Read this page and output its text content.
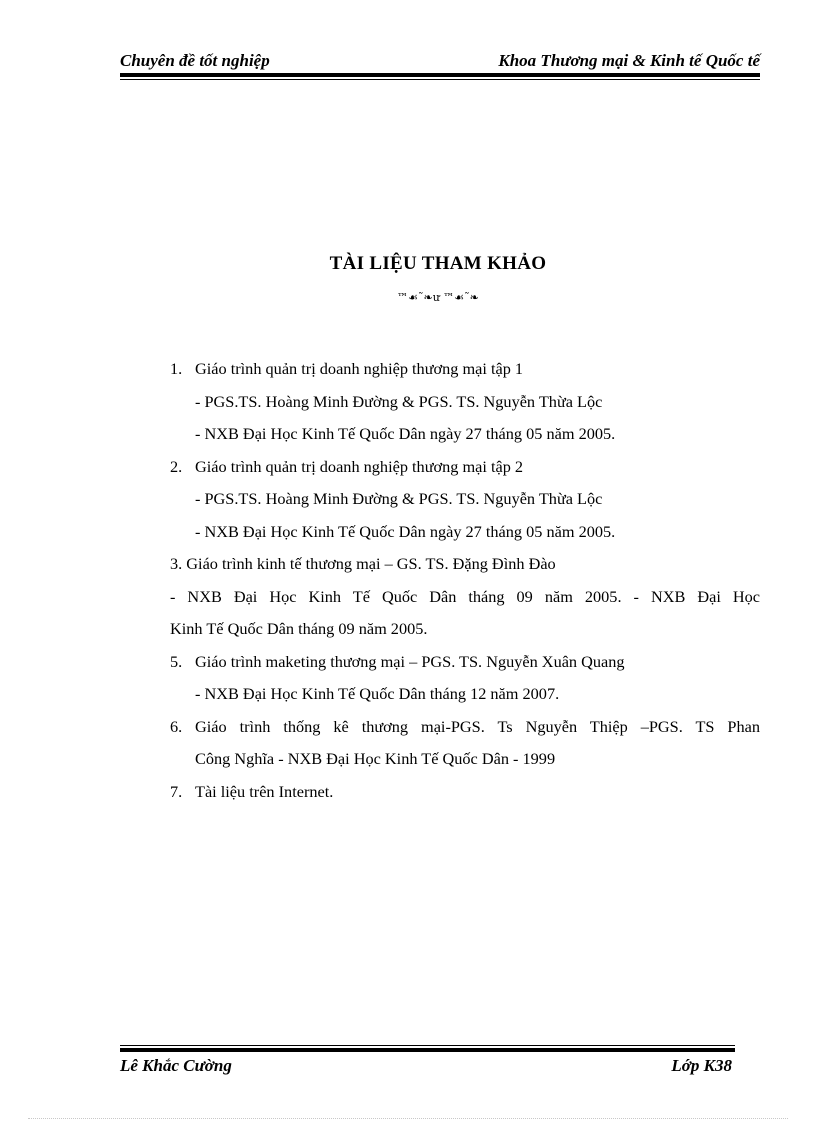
Chuyên đề tốt nghiệp	Khoa Thương mại & Kinh tế Quốc tế
TÀI LIỆU THAM KHẢO
™☙˜❧ư ™☙˜❧
1. Giáo trình quản trị doanh nghiệp thương mại tập 1
- PGS.TS. Hoàng Minh Đường & PGS. TS. Nguyễn Thừa Lộc
- NXB Đại Học Kinh Tế Quốc Dân ngày 27 tháng 05 năm 2005.
2. Giáo trình quản trị doanh nghiệp thương mại tập 2
- PGS.TS. Hoàng Minh Đường & PGS. TS. Nguyễn Thừa Lộc
- NXB Đại Học Kinh Tế Quốc Dân ngày 27 tháng 05 năm 2005.
3. Giáo trình kinh tế thương mại – GS. TS. Đặng Đình Đào
- NXB Đại Học Kinh Tế Quốc Dân tháng 09 năm 2005. - NXB Đại Học
Kinh Tế Quốc Dân tháng 09 năm 2005.
5. Giáo trình maketing thương mại – PGS. TS. Nguyễn Xuân Quang
- NXB Đại Học Kinh Tế Quốc Dân tháng 12 năm 2007.
6. Giáo trình thống kê thương mại-PGS. Ts Nguyễn Thiệp –PGS. TS Phan
Công Nghĩa - NXB Đại Học Kinh Tế Quốc Dân - 1999
7. Tài liệu trên Internet.
Lê Khắc Cường	Lớp K38
